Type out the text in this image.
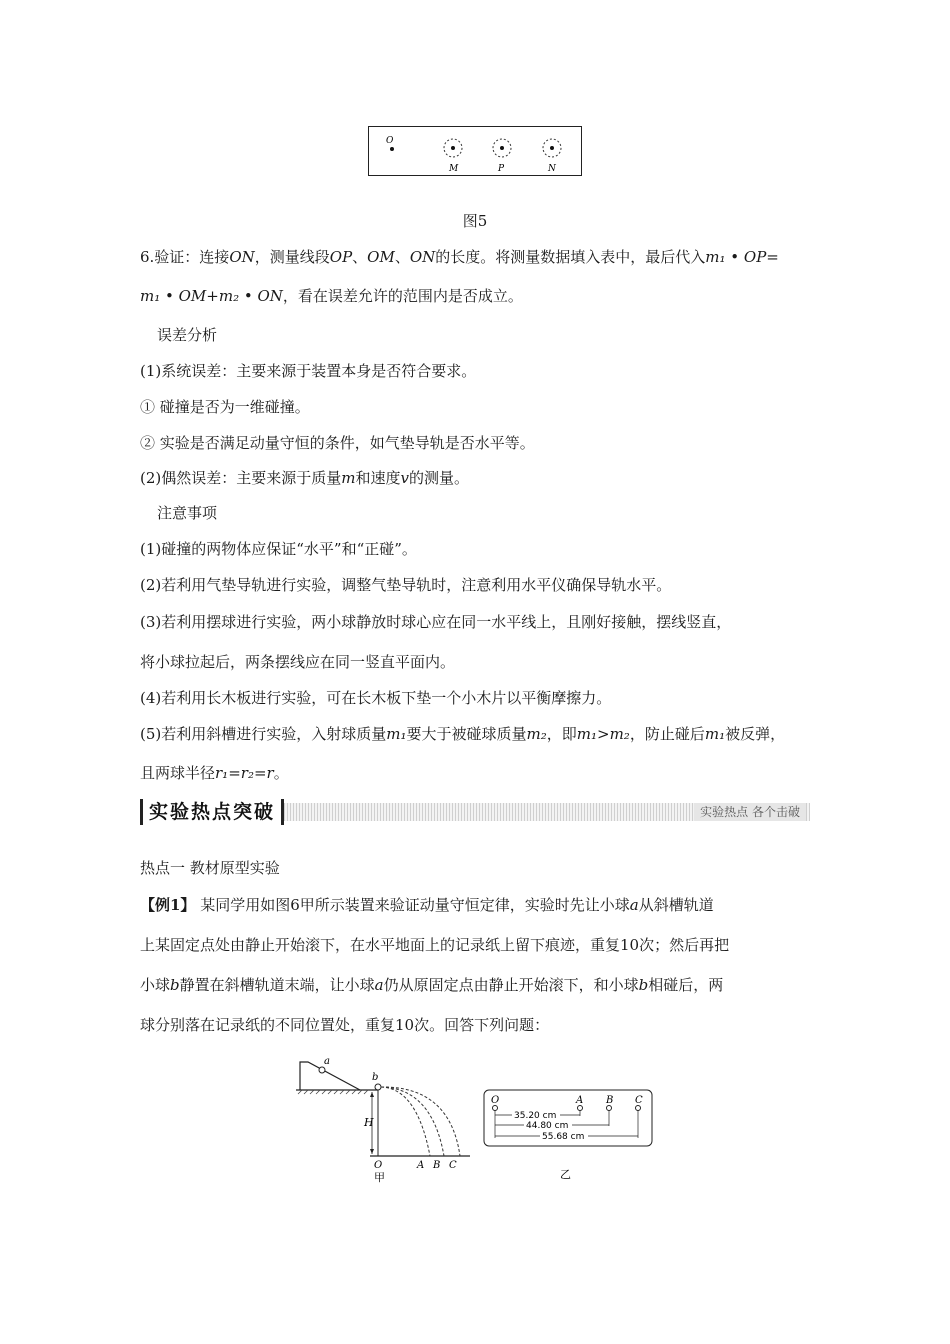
O
M	P	N
图5
6.验证：连接ON，测量线段OP、OM、ON的长度。将测量数据填入表中，最后代入m₁ • OP=
m₁ • OM+m₂ • ON，看在误差允许的范围内是否成立。
误差分析
(1)系统误差：主要来源于装置本身是否符合要求。
① 碰撞是否为一维碰撞。
② 实验是否满足动量守恒的条件，如气垫导轨是否水平等。
(2)偶然误差：主要来源于质量m和速度v的测量。
注意事项
(1)碰撞的两物体应保证“水平”和“正碰”。
(2)若利用气垫导轨进行实验，调整气垫导轨时，注意利用水平仪确保导轨水平。
(3)若利用摆球进行实验，两小球静放时球心应在同一水平线上，且刚好接触，摆线竖直，
将小球拉起后，两条摆线应在同一竖直平面内。
(4)若利用长木板进行实验，可在长木板下垫一个小木片以平衡摩擦力。
(5)若利用斜槽进行实验，入射球质量m₁要大于被碰球质量m₂，即m₁>m₂，防止碰后m₁被反弹，
且两球半径r₁=r₂=r。
实验热点突破	实验热点 各个击破
热点一 教材原型实验
【例1】 某同学用如图6甲所示装置来验证动量守恒定律，实验时先让小球a从斜槽轨道
上某固定点处由静止开始滚下，在水平地面上的记录纸上留下痕迹，重复10次；然后再把
小球b静置在斜槽轨道末端，让小球a仍从原固定点由静止开始滚下，和小球b相碰后，两
球分别落在记录纸的不同位置处，重复10次。回答下列问题：
a
b
H
O	A B C
甲
O	A B C
35.20 cm
44.80 cm
55.68 cm
乙
